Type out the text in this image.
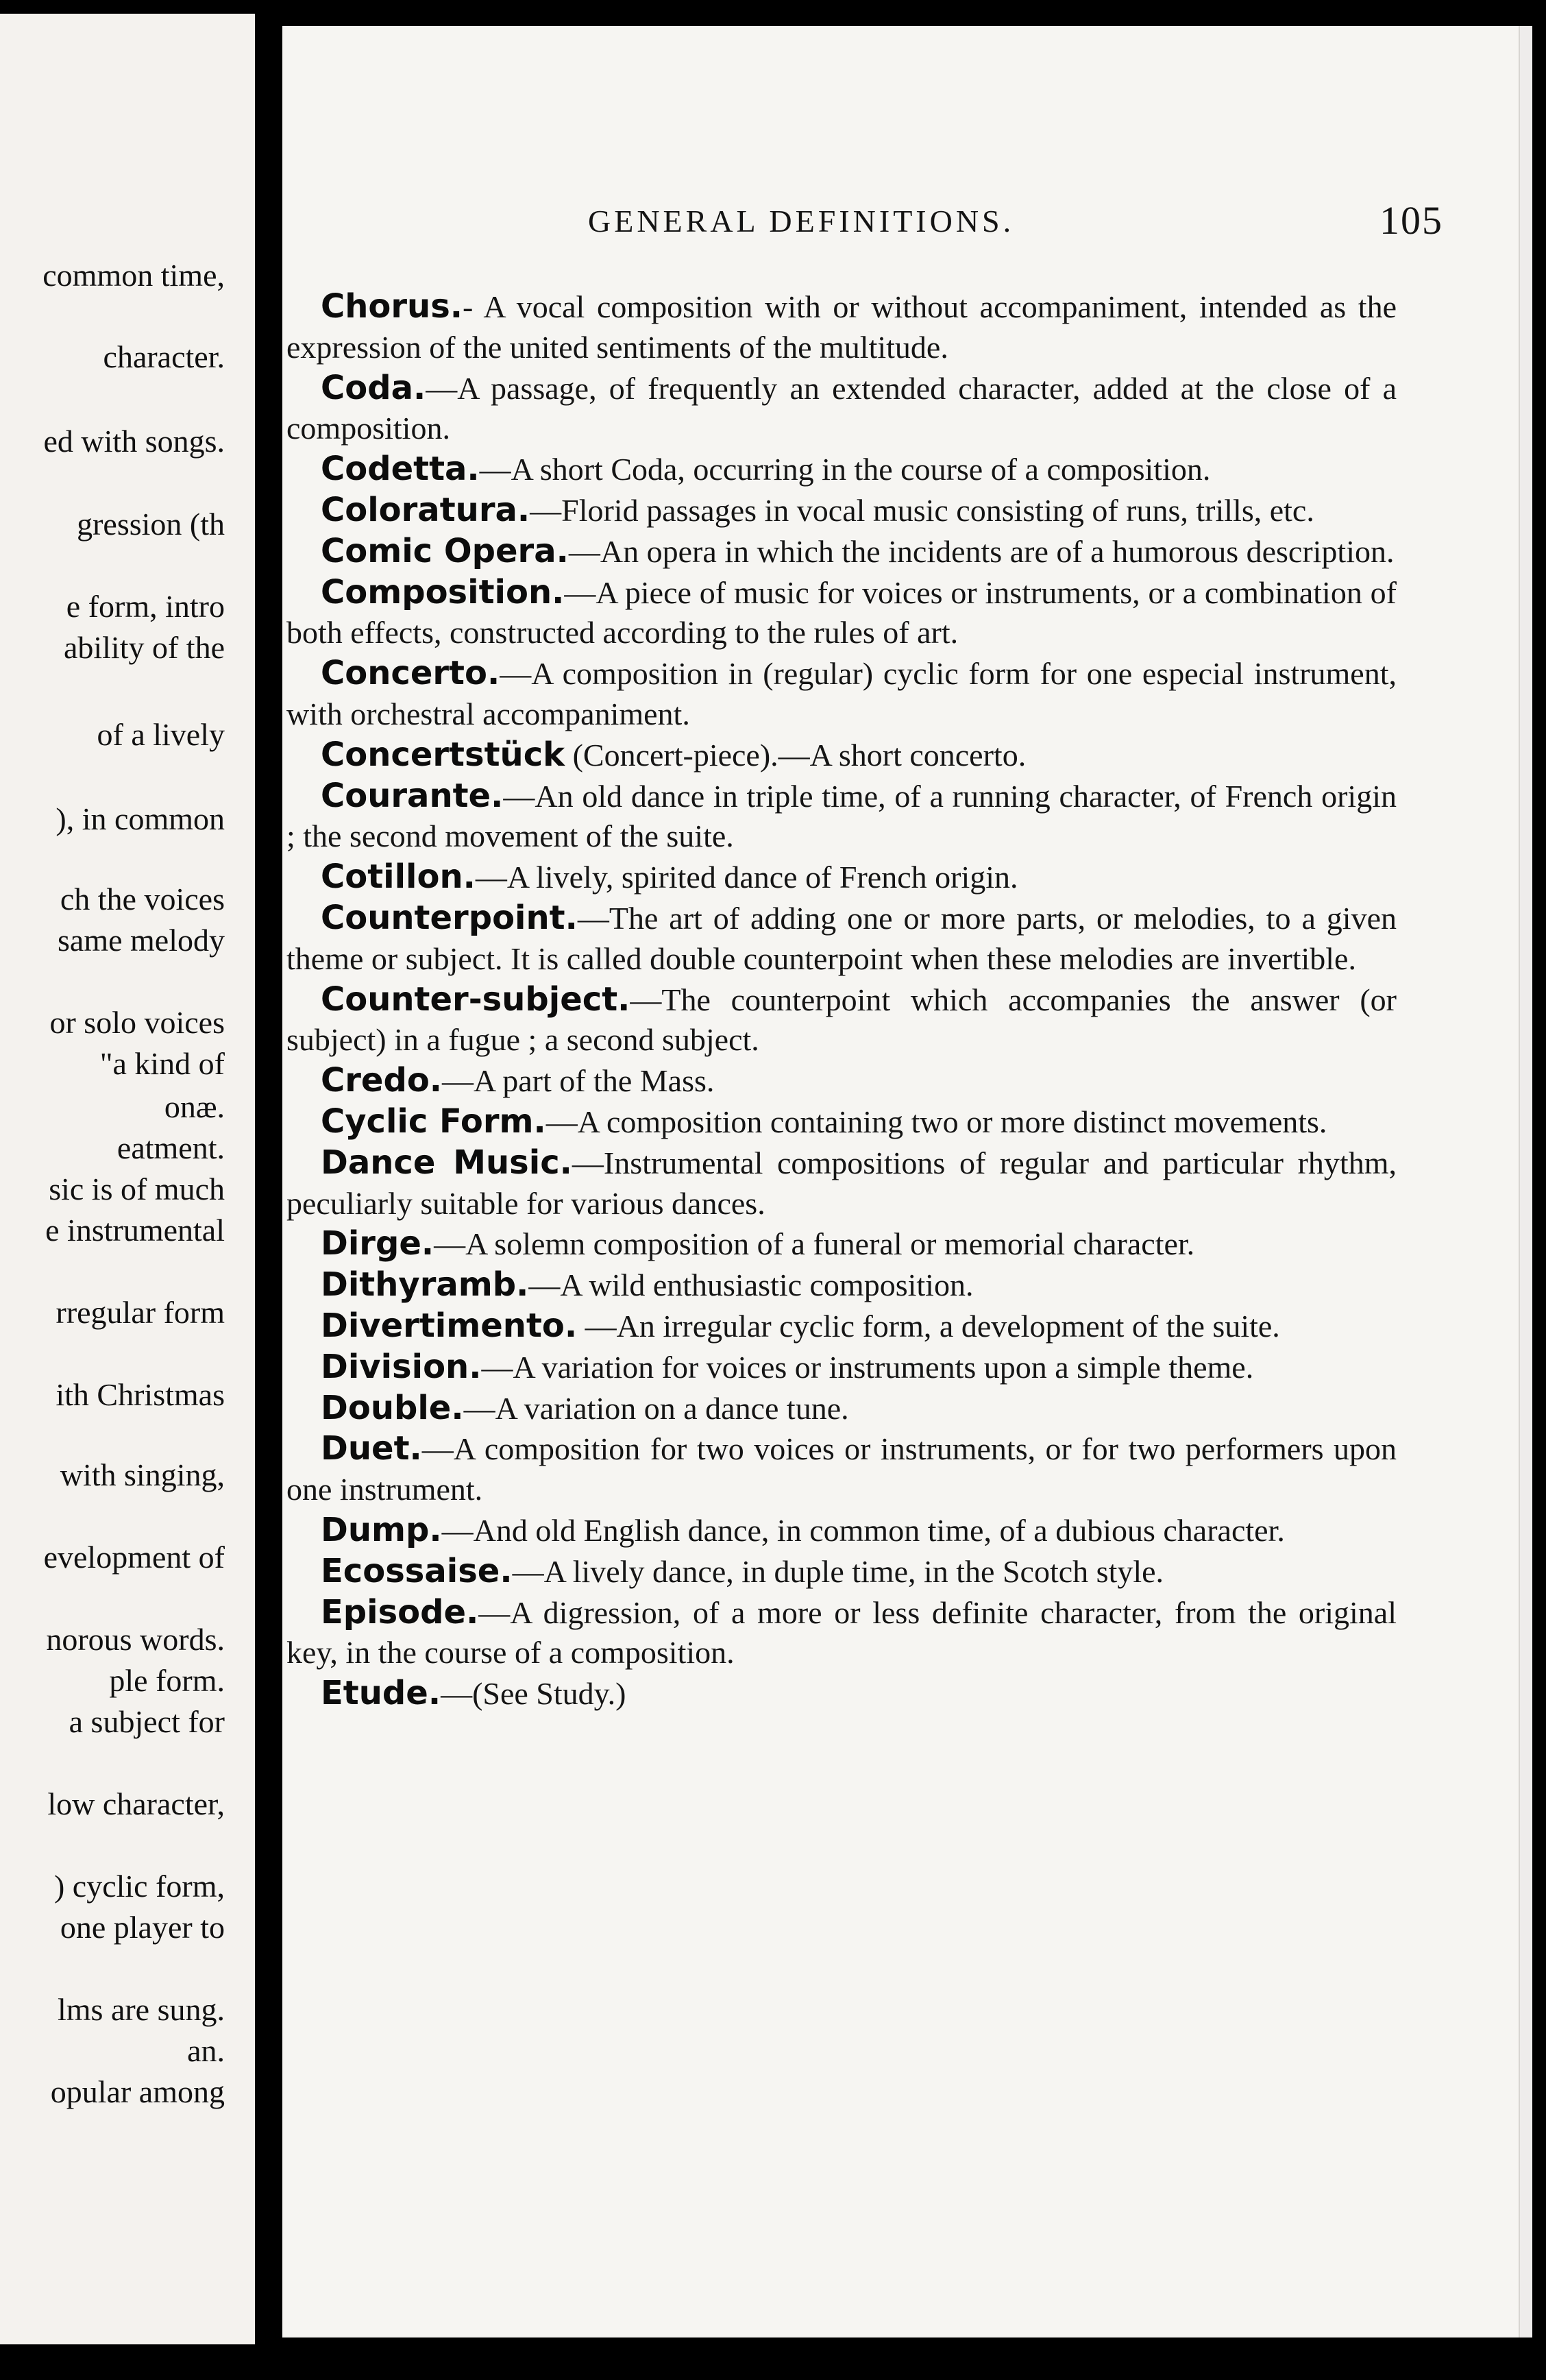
common time,
character.
ed with songs.
gression (th
e form, intro
ability of the
of a lively
), in common
ch the voices
same melody
or solo voices
"a kind of
onæ.
eatment.
sic is of much
e instrumental
rregular form
ith Christmas
with singing,
evelopment of
norous words.
ple form.
a subject for
low character,
) cyclic form,
one player to
lms are sung.
an.
opular among
GENERAL DEFINITIONS.	105

Chorus.- A vocal composition with or without accompaniment, intended as the expression of the united sentiments of the multitude.

Coda.—A passage, of frequently an extended character, added at the close of a composition.

Codetta.—A short Coda, occurring in the course of a composition.

Coloratura.—Florid passages in vocal music consisting of runs, trills, etc.

Comic Opera.—An opera in which the incidents are of a humorous description.

Composition.—A piece of music for voices or instruments, or a combination of both effects, constructed according to the rules of art.

Concerto.—A composition in (regular) cyclic form for one especial instrument, with orchestral accompaniment.

Concertstück (Concert-piece).—A short concerto.

Courante.—An old dance in triple time, of a running character, of French origin ; the second movement of the suite.

Cotillon.—A lively, spirited dance of French origin.

Counterpoint.—The art of adding one or more parts, or melodies, to a given theme or subject. It is called double counterpoint when these melodies are invertible.

Counter-subject.—The counterpoint which accompanies the answer (or subject) in a fugue ; a second subject.

Credo.—A part of the Mass.

Cyclic Form.—A composition containing two or more distinct movements.

Dance Music.—Instrumental compositions of regular and particular rhythm, peculiarly suitable for various dances.

Dirge.—A solemn composition of a funeral or memorial character.

Dithyramb.—A wild enthusiastic composition.

Divertimento. —An irregular cyclic form, a development of the suite.

Division.—A variation for voices or instruments upon a simple theme.

Double.—A variation on a dance tune.

Duet.—A composition for two voices or instruments, or for two performers upon one instrument.

Dump.—And old English dance, in common time, of a dubious character.

Ecossaise.—A lively dance, in duple time, in the Scotch style.

Episode.—A digression, of a more or less definite character, from the original key, in the course of a composition.

Etude.—(See Study.)
